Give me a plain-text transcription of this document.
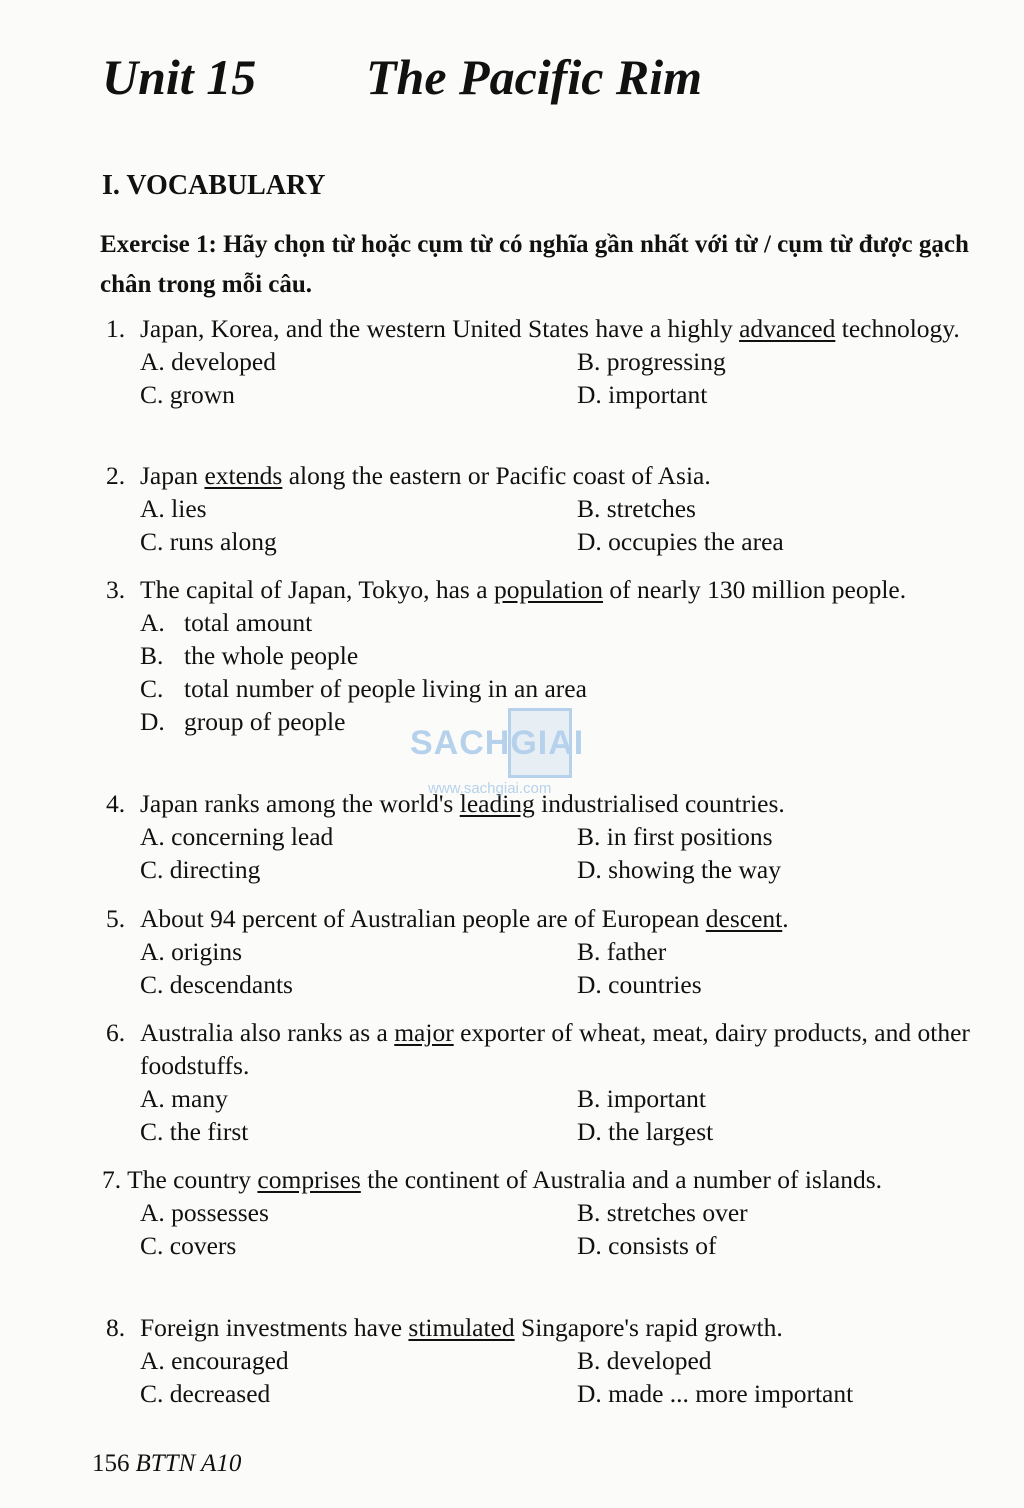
Unit 15 The Pacific Rim
I. VOCABULARY

Exercise 1: Hãy chọn từ hoặc cụm từ có nghĩa gần nhất với từ / cụm từ được gạch chân trong mỗi câu.

1. Japan, Korea, and the western United States have a highly advanced technology.

A. developed	B. progressing
C. grown	D. important

2. Japan extends along the eastern or Pacific coast of Asia.

A. lies	B. stretches
C. runs along	D. occupies the area

3. The capital of Japan, Tokyo, has a population of nearly 130 million people.

A. total amount
B. the whole people
C. total number of people living in an area
D. group of people

4. Japan ranks among the world's leading industrialised countries.

A. concerning lead	B. in first positions
C. directing	D. showing the way

5. About 94 percent of Australian people are of European descent.

A. origins	B. father
C. descendants	D. countries

6. Australia also ranks as a major exporter of wheat, meat, dairy products, and other foodstuffs.

A. many	B. important
C. the first	D. the largest

7. The country comprises the continent of Australia and a number of islands.

A. possesses	B. stretches over
C. covers	D. consists of

8. Foreign investments have stimulated Singapore's rapid growth.

A. encouraged	B. developed
C. decreased	D. made ... more important
SACHGIAI
www.sachgiai.com
156 BTTN A10
